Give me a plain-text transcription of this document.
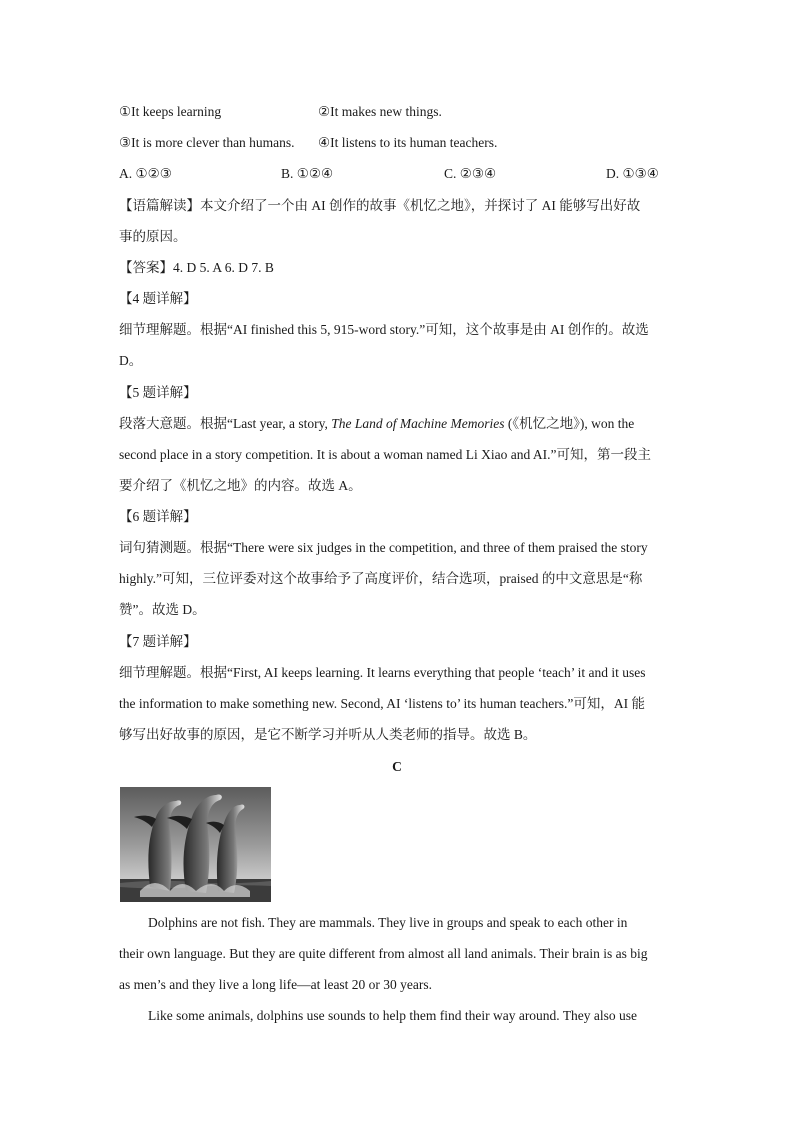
①It keeps learning	②It makes new things.
③It is more clever than humans. ④It listens to its human teachers.
A. ①②③	B. ①②④	C. ②③④	D. ①③④
【语篇解读】本文介绍了一个由 AI 创作的故事《机忆之地》，并探讨了 AI 能够写出好故
事的原因。
【答案】4. D 5. A 6. D 7. B
【4 题详解】
细节理解题。根据“AI finished this 5, 915-word story.”可知，这个故事是由 AI 创作的。故选
D。
【5 题详解】
段落大意题。根据“Last year, a story, The Land of Machine Memories (《机忆之地》), won the
second place in a story competition. It is about a woman named Li Xiao and AI.”可知，第一段主
要介绍了《机忆之地》的内容。故选 A。
【6 题详解】
词句猜测题。根据“There were six judges in the competition, and three of them praised the story
highly.”可知，三位评委对这个故事给予了高度评价，结合选项，praised 的中文意思是“称
赞”。故选 D。
【7 题详解】
细节理解题。根据“First, AI keeps learning. It learns everything that people ‘teach’ it and it uses
the information to make something new. Second, AI ‘listens to’ its human teachers.”可知，AI 能
够写出好故事的原因，是它不断学习并听从人类老师的指导。故选 B。
C
Dolphins are not fish. They are mammals. They live in groups and speak to each other in
their own language. But they are quite different from almost all land animals. Their brain is as big
as men’s and they live a long life—at least 20 or 30 years.
Like some animals, dolphins use sounds to help them find their way around. They also use
